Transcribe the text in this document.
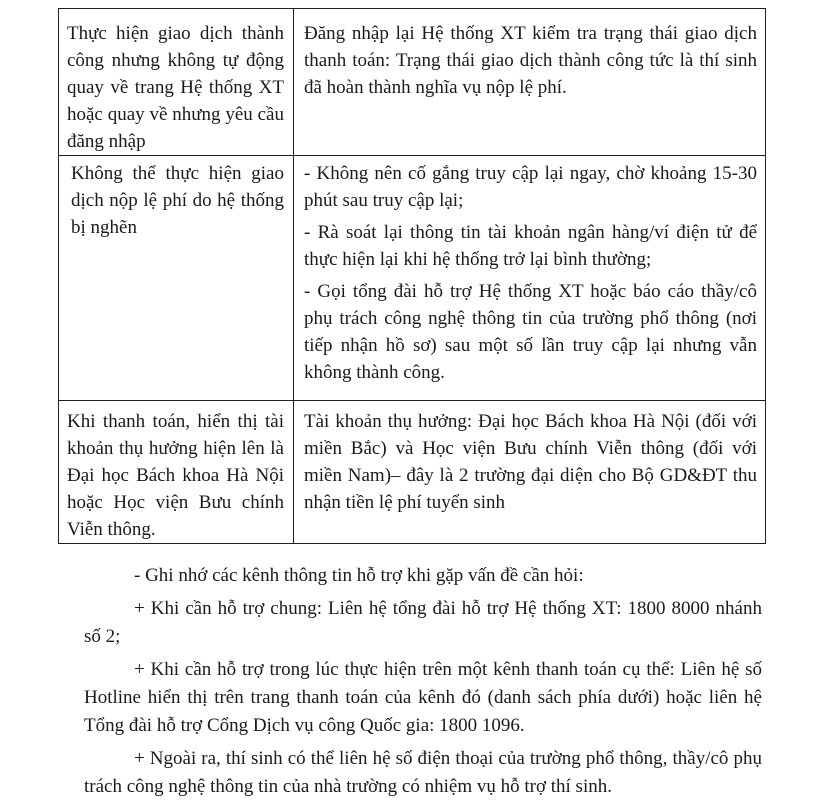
Thực hiện giao dịch thành công nhưng không tự động quay về trang Hệ thống XT hoặc quay về nhưng yêu cầu đăng nhập	Đăng nhập lại Hệ thống XT kiểm tra trạng thái giao dịch thanh toán: Trạng thái giao dịch thành công tức là thí sinh đã hoàn thành nghĩa vụ nộp lệ phí.

Không thể thực hiện giao dịch nộp lệ phí do hệ thống bị nghẽn	- Không nên cố gắng truy cập lại ngay, chờ khoảng 15-30 phút sau truy cập lại;
- Rà soát lại thông tin tài khoản ngân hàng/ví điện tử để thực hiện lại khi hệ thống trở lại bình thường;
- Gọi tổng đài hỗ trợ Hệ thống XT hoặc báo cáo thầy/cô phụ trách công nghệ thông tin của trường phổ thông (nơi tiếp nhận hồ sơ) sau một số lần truy cập lại nhưng vẫn không thành công.

Khi thanh toán, hiển thị tài khoản thụ hưởng hiện lên là Đại học Bách khoa Hà Nội hoặc Học viện Bưu chính Viễn thông.	Tài khoản thụ hưởng: Đại học Bách khoa Hà Nội (đối với miền Bắc) và Học viện Bưu chính Viễn thông (đối với miền Nam)– đây là 2 trường đại diện cho Bộ GD&ĐT thu nhận tiền lệ phí tuyển sinh

- Ghi nhớ các kênh thông tin hỗ trợ khi gặp vấn đề cần hỏi:

+ Khi cần hỗ trợ chung: Liên hệ tổng đài hỗ trợ Hệ thống XT: 1800 8000 nhánh số 2;

+ Khi cần hỗ trợ trong lúc thực hiện trên một kênh thanh toán cụ thể: Liên hệ số Hotline hiển thị trên trang thanh toán của kênh đó (danh sách phía dưới) hoặc liên hệ Tổng đài hỗ trợ Cổng Dịch vụ công Quốc gia: 1800 1096.

+ Ngoài ra, thí sinh có thể liên hệ số điện thoại của trường phổ thông, thầy/cô phụ trách công nghệ thông tin của nhà trường có nhiệm vụ hỗ trợ thí sinh.
